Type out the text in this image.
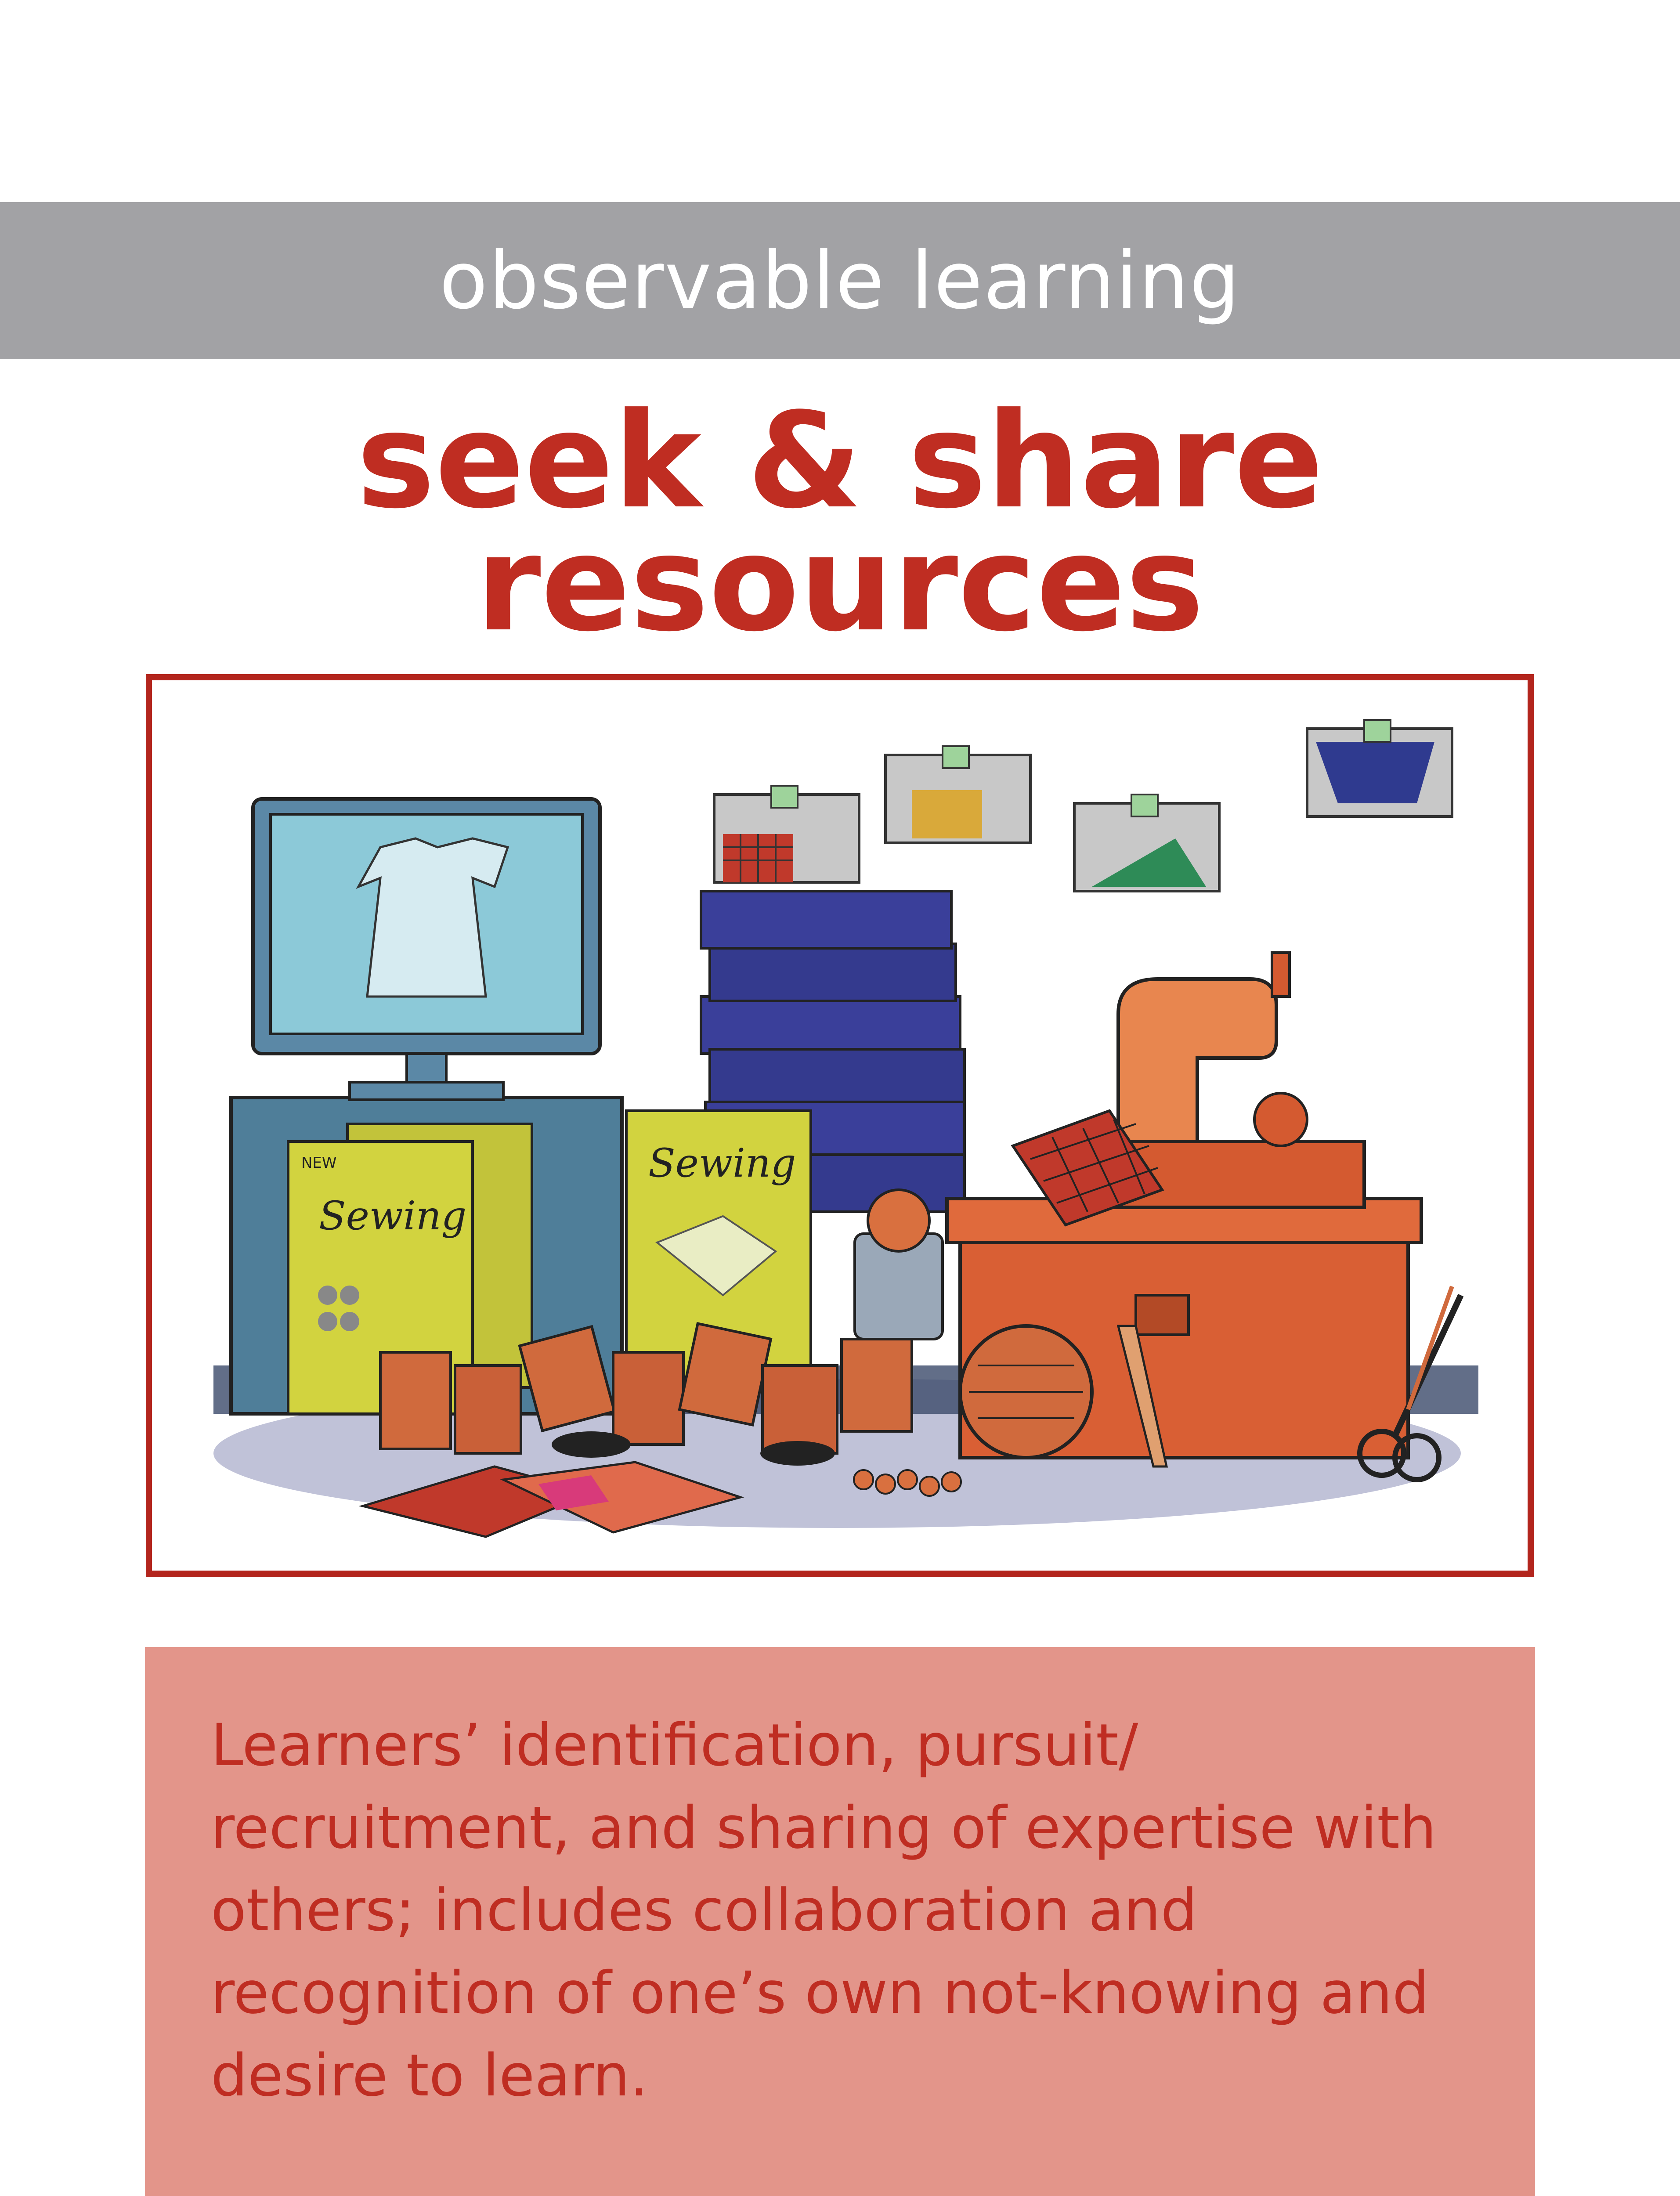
observable learning
seek & share
resources
NEW
Sewing
Sewing

Learners’ identification, pursuit/ recruitment, and sharing of expertise with others; includes collaboration and recognition of one’s own not-knowing and desire to learn.
